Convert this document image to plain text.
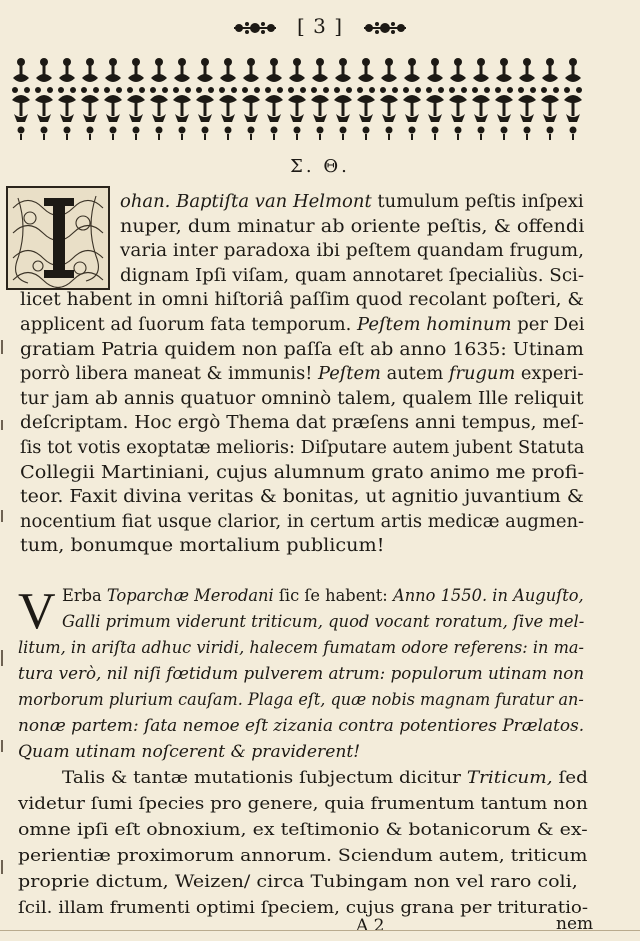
[ 3 ]
Σ. Θ.
ohan. Baptiſta van Helmont tumulum peſtis inſpexi
nuper, dum minatur ab oriente peſtis, & offendi
varia inter paradoxa ibi peſtem quandam frugum,
dignam Ipſi viſam, quam annotaret ſpecialiùs. Sci-
licet habent in omni hiſtoriâ paſſim quod recolant poſteri, &
applicent ad ſuorum fata temporum. Peſtem hominum per Dei
gratiam Patria quidem non paſſa eſt ab anno 1635: Utinam
porrò libera maneat & immunis! Peſtem autem frugum experi-
tur jam ab annis quatuor omninò talem, qualem Ille reliquit
deſcriptam. Hoc ergò Thema dat præſens anni tempus, meſ-
ſis tot votis exoptatæ melioris: Diſputare autem jubent Statuta
Collegii Martiniani, cujus alumnum grato animo me profi-
teor. Faxit divina veritas & bonitas, ut agnitio juvantium &
nocentium fiat usque clarior, in certum artis medicæ augmen-
tum, bonumque mortalium publicum!
V Erba Toparchæ Merodani ſic ſe habent: Anno 1550. in Auguſto,
Galli primum viderunt triticum, quod vocant roratum, ſive mel-
litum, in ariſta adhuc viridi, halecem fumatam odore referens: in ma-
tura verò, nil niſi fœtidum pulverem atrum: populorum utinam non
morborum plurium cauſam. Plaga eſt, quæ nobis magnam furatur an-
nonæ partem: ſata nemoe eſt zizania contra potentiores Prælatos.
Quam utinam noſcerent & praviderent!
Talis & tantæ mutationis ſubjectum dicitur Triticum, ſed
videtur ſumi ſpecies pro genere, quia frumentum tantum non
omne ipſi eſt obnoxium, ex teſtimonio & botanicorum & ex-
perientiæ proximorum annorum. Sciendum autem, triticum
proprie dictum, Weizen/ circa Tubingam non vel raro coli,
ſcil. illam frumenti optimi ſpeciem, cujus grana per trituratio-
A 2	nem
